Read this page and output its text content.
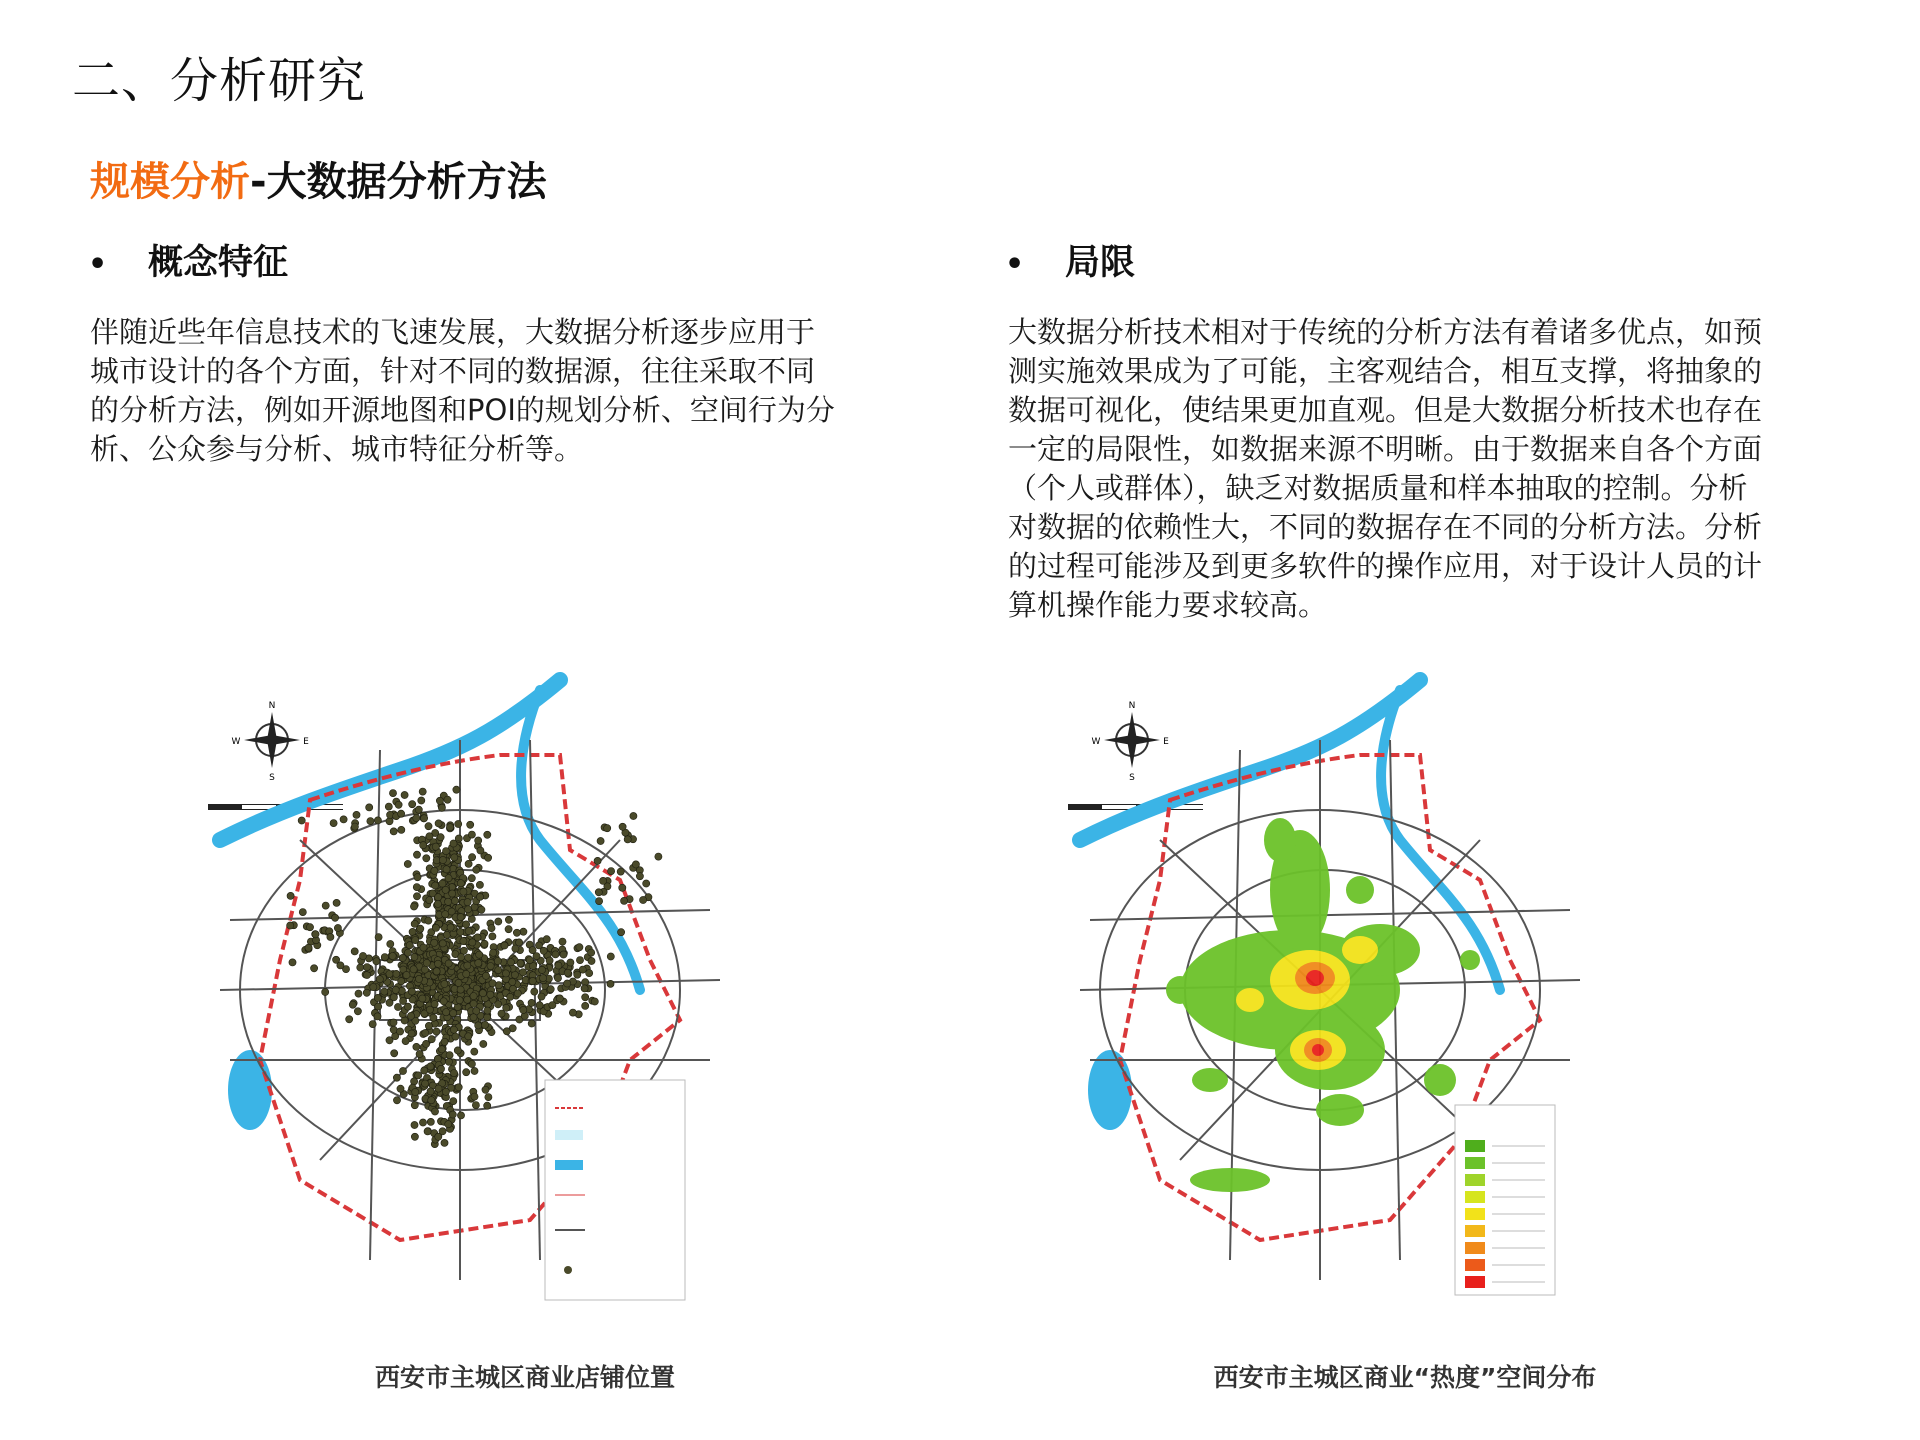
二、分析研究
规模分析-大数据分析方法
• 概念特征	• 局限
伴随近些年信息技术的飞速发展，大数据分析逐步应用于
城市设计的各个方面，针对不同的数据源，往往采取不同
的分析方法，例如开源地图和POI的规划分析、空间行为分
析、公众参与分析、城市特征分析等。
大数据分析技术相对于传统的分析方法有着诸多优点，如预
测实施效果成为了可能，主客观结合，相互支撑，将抽象的
数据可视化，使结果更加直观。但是大数据分析技术也存在
一定的局限性，如数据来源不明晰。由于数据来自各个方面
（个人或群体），缺乏对数据质量和样本抽取的控制。分析
对数据的依赖性大，不同的数据存在不同的分析方法。分析
的过程可能涉及到更多软件的操作应用，对于设计人员的计
算机操作能力要求较高。
N
S
E
W
N
S
E
W
西安市主城区商业店铺位置	西安市主城区商业“热度”空间分布
